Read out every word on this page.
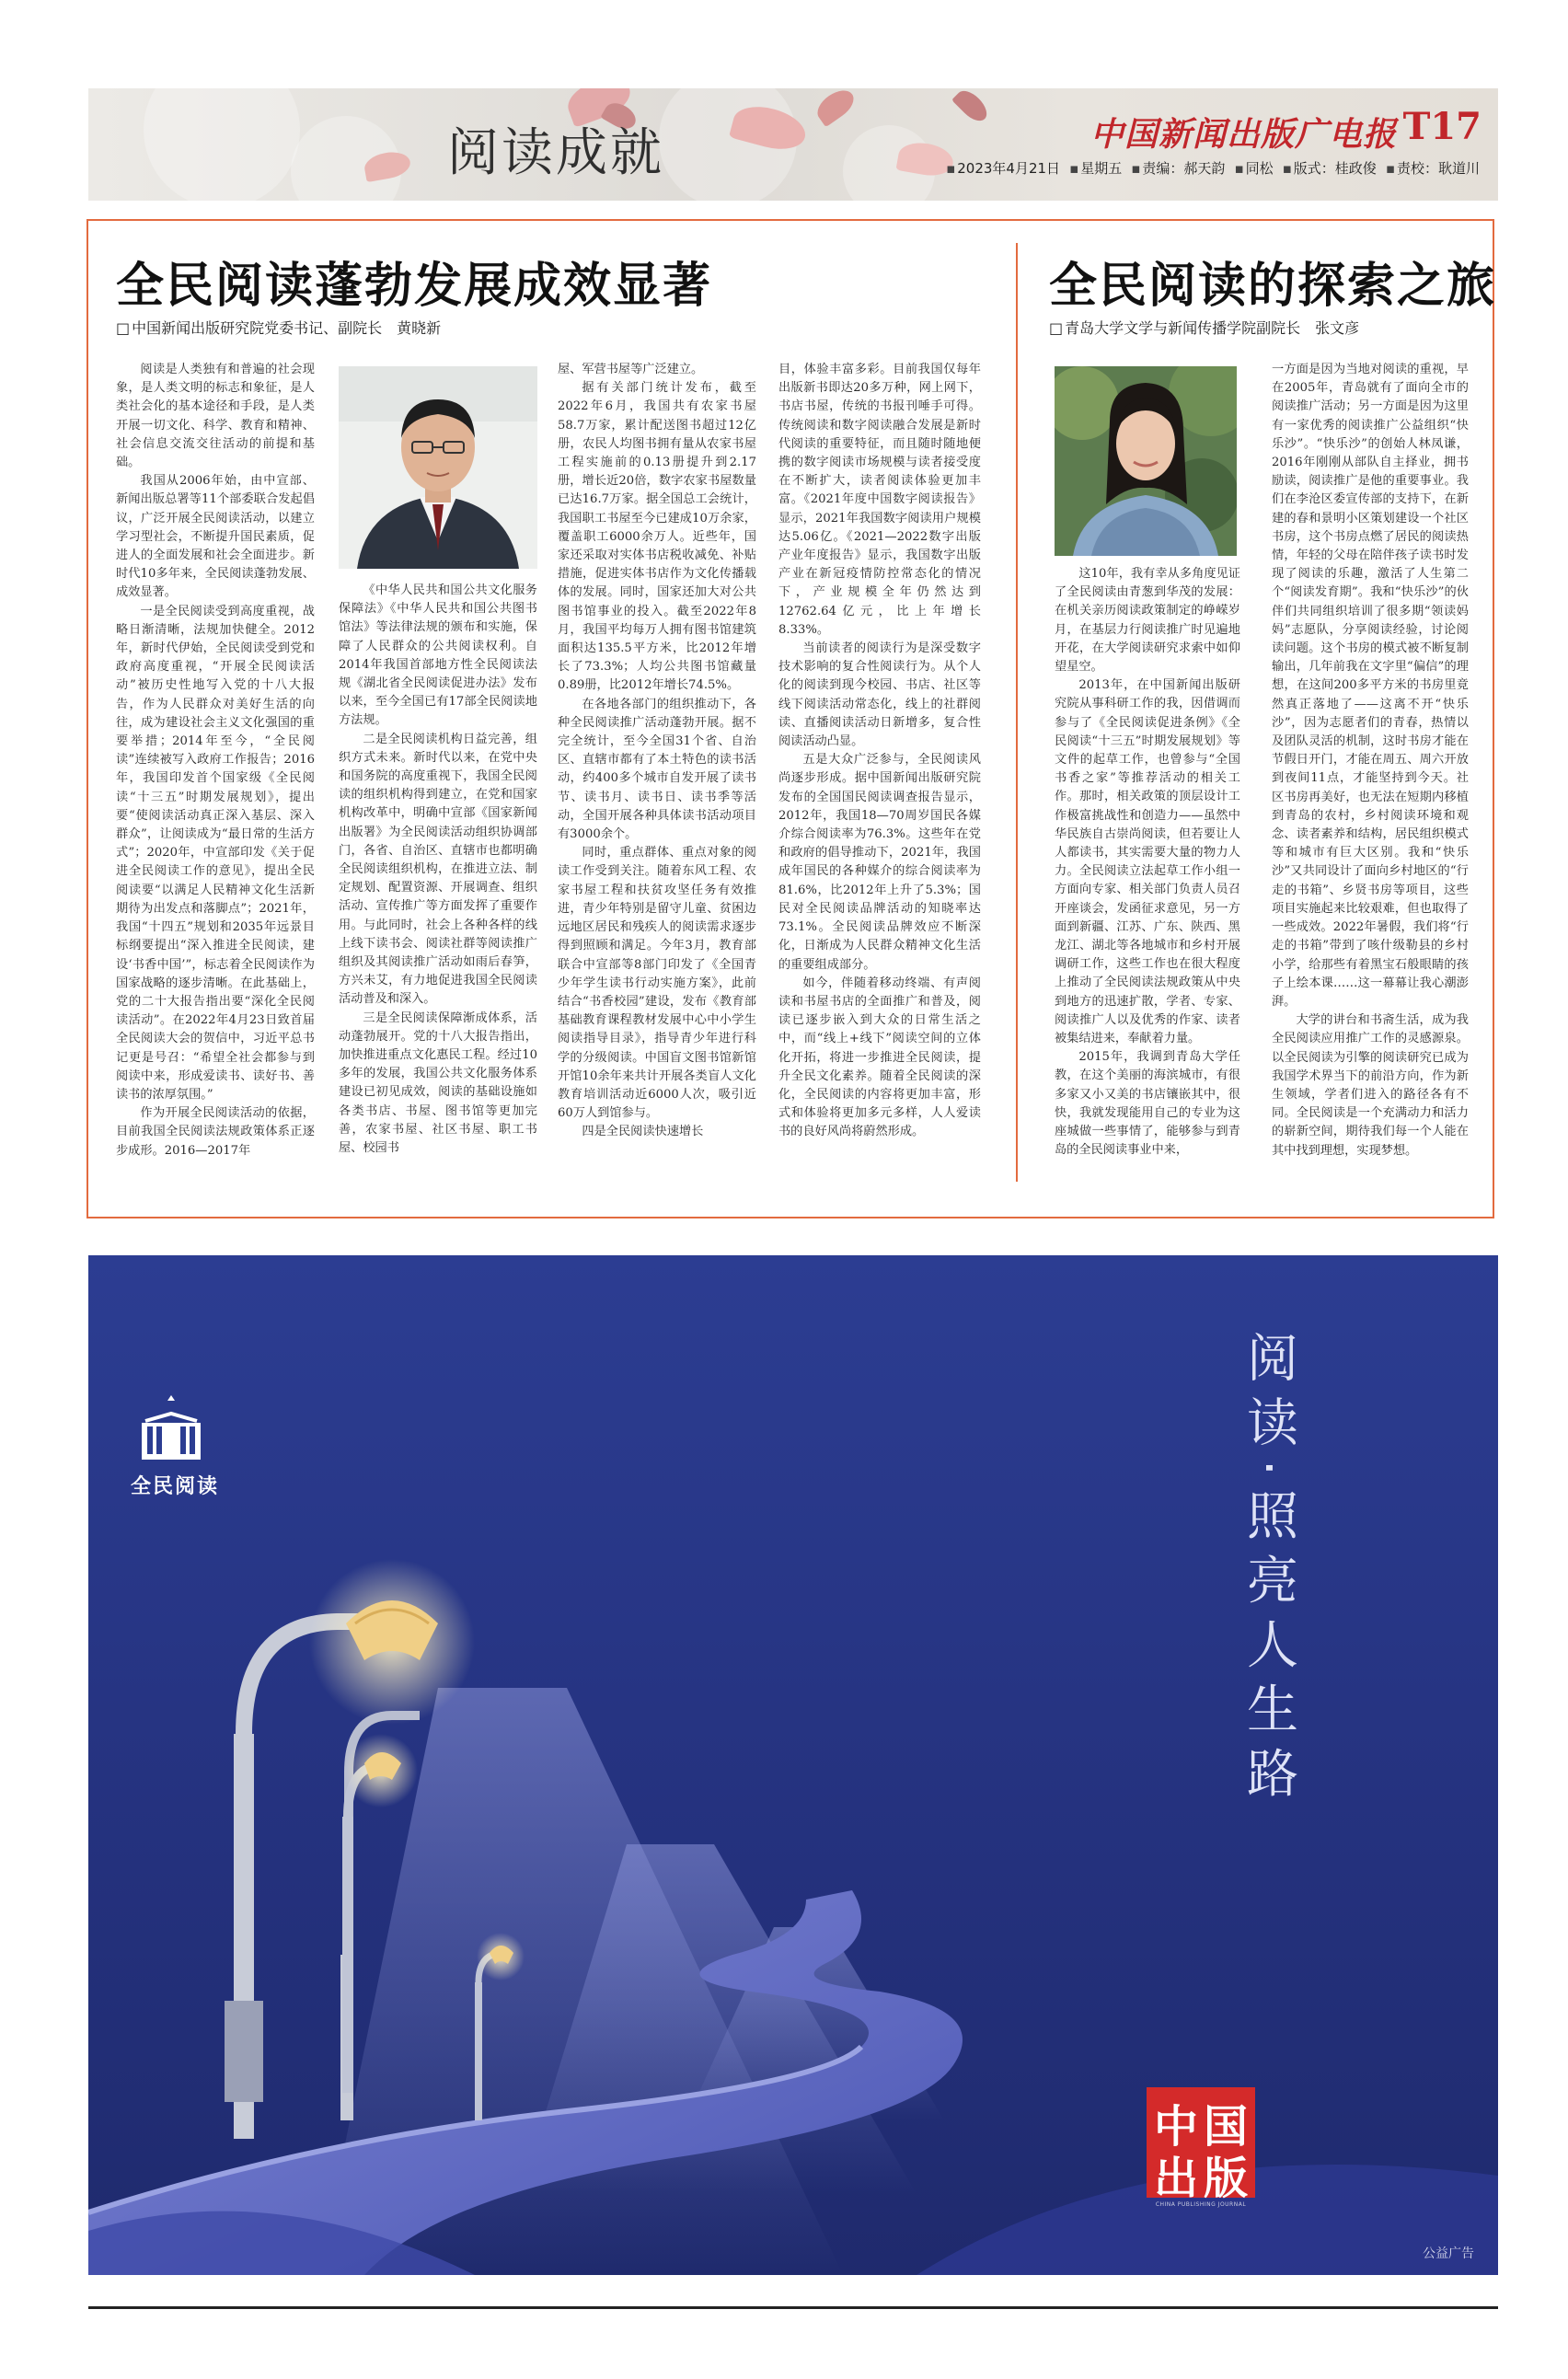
阅读成就	中国新闻出版广电报 T17
▪ 2023年4月21日	▪ 星期五	▪ 责编：郝天韵	▪ 同松	▪ 版式：桂政俊	▪ 责校：耿道川
全民阅读蓬勃发展成效显著
□ 中国新闻出版研究院党委书记、副院长　黄晓新

阅读是人类独有和普遍的社会现象，是人类文明的标志和象征，是人类社会化的基本途径和手段，是人类开展一切文化、科学、教育和精神、社会信息交流交往活动的前提和基础。

我国从2006年始，由中宣部、新闻出版总署等11个部委联合发起倡议，广泛开展全民阅读活动，以建立学习型社会，不断提升国民素质，促进人的全面发展和社会全面进步。新时代10多年来，全民阅读蓬勃发展、成效显著。

一是全民阅读受到高度重视，战略日渐清晰，法规加快健全。2012年，新时代伊始，全民阅读受到党和政府高度重视，“开展全民阅读活动”被历史性地写入党的十八大报告，作为人民群众对美好生活的向往，成为建设社会主义文化强国的重要举措；2014年至今，“全民阅读”连续被写入政府工作报告；2016年，我国印发首个国家级《全民阅读“十三五”时期发展规划》，提出要“使阅读活动真正深入基层、深入群众”，让阅读成为“最日常的生活方式”；2020年，中宣部印发《关于促进全民阅读工作的意见》，提出全民阅读要“以满足人民精神文化生活新期待为出发点和落脚点”；2021年，我国“十四五”规划和2035年远景目标纲要提出“深入推进全民阅读，建设‘书香中国’”，标志着全民阅读作为国家战略的逐步清晰。在此基础上，党的二十大报告指出要“深化全民阅读活动”。在2022年4月23日致首届全民阅读大会的贺信中，习近平总书记更是号召：“希望全社会都参与到阅读中来，形成爱读书、读好书、善读书的浓厚氛围。”

作为开展全民阅读活动的依据，目前我国全民阅读法规政策体系正逐步成形。2016—2017年

《中华人民共和国公共文化服务保障法》《中华人民共和国公共图书馆法》等法律法规的颁布和实施，保障了人民群众的公共阅读权利。自2014年我国首部地方性全民阅读法规《湖北省全民阅读促进办法》发布以来，至今全国已有17部全民阅读地方法规。

二是全民阅读机构日益完善，组织方式未来。新时代以来，在党中央和国务院的高度重视下，我国全民阅读的组织机构得到建立，在党和国家机构改革中，明确中宣部《国家新闻出版署》为全民阅读活动组织协调部门，各省、自治区、直辖市也都明确全民阅读组织机构，在推进立法、制定规划、配置资源、开展调查、组织活动、宣传推广等方面发挥了重要作用。与此同时，社会上各种各样的线上线下读书会、阅读社群等阅读推广组织及其阅读推广活动如雨后春笋，方兴未艾，有力地促进我国全民阅读活动普及和深入。

三是全民阅读保障渐成体系，活动蓬勃展开。党的十八大报告指出，加快推进重点文化惠民工程。经过10多年的发展，我国公共文化服务体系建设已初见成效，阅读的基础设施如各类书店、书屋、图书馆等更加完善，农家书屋、社区书屋、职工书屋、校园书

屋、军营书屋等广泛建立。

据有关部门统计发布，截至2022年6月，我国共有农家书屋58.7万家，累计配送图书超过12亿册，农民人均图书拥有量从农家书屋工程实施前的0.13册提升到2.17册，增长近20倍，数字农家书屋数量已达16.7万家。据全国总工会统计，我国职工书屋至今已建成10万余家，覆盖职工6000余万人。近些年，国家还采取对实体书店税收减免、补贴措施，促进实体书店作为文化传播载体的发展。同时，国家还加大对公共图书馆事业的投入。截至2022年8月，我国平均每万人拥有图书馆建筑面积达135.5平方米，比2012年增长了73.3%；人均公共图书馆藏量0.89册，比2012年增长74.5%。

在各地各部门的组织推动下，各种全民阅读推广活动蓬勃开展。据不完全统计，至今全国31个省、自治区、直辖市都有了本土特色的读书活动，约400多个城市自发开展了读书节、读书月、读书日、读书季等活动，全国开展各种具体读书活动项目有3000余个。

同时，重点群体、重点对象的阅读工作受到关注。随着东风工程、农家书屋工程和扶贫攻坚任务有效推进，青少年特别是留守儿童、贫困边远地区居民和残疾人的阅读需求逐步得到照顾和满足。今年3月，教育部联合中宣部等8部门印发了《全国青少年学生读书行动实施方案》，此前结合“书香校园”建设，发布《教育部基础教育课程教材发展中心中小学生阅读指导目录》，指导青少年进行科学的分级阅读。中国盲文图书馆新馆开馆10余年来共计开展各类盲人文化教育培训活动近6000人次，吸引近60万人到馆参与。

四是全民阅读快速增长

目，体验丰富多彩。目前我国仅每年出版新书即达20多万种，网上网下，书店书屋，传统的书报刊唾手可得。传统阅读和数字阅读融合发展是新时代阅读的重要特征，而且随时随地便携的数字阅读市场规模与读者接受度在不断扩大，读者阅读体验更加丰富。《2021年度中国数字阅读报告》显示，2021年我国数字阅读用户规模达5.06亿。《2021—2022数字出版产业年度报告》显示，我国数字出版产业在新冠疫情防控常态化的情况下，产业规模全年仍然达到12762.64亿元，比上年增长8.33%。

当前读者的阅读行为是深受数字技术影响的复合性阅读行为。从个人化的阅读到现今校园、书店、社区等线下阅读活动常态化，线上的社群阅读、直播阅读活动日新增多，复合性阅读活动凸显。

五是大众广泛参与，全民阅读风尚逐步形成。据中国新闻出版研究院发布的全国国民阅读调查报告显示，2012年，我国18—70周岁国民各媒介综合阅读率为76.3%。这些年在党和政府的倡导推动下，2021年，我国成年国民的各种媒介的综合阅读率为81.6%，比2012年上升了5.3%；国民对全民阅读品牌活动的知晓率达73.1%。全民阅读品牌效应不断深化，日渐成为人民群众精神文化生活的重要组成部分。

如今，伴随着移动终端、有声阅读和书屋书店的全面推广和普及，阅读已逐步嵌入到大众的日常生活之中，而“线上+线下”阅读空间的立体化开拓，将进一步推进全民阅读，提升全民文化素养。随着全民阅读的深化，全民阅读的内容将更加丰富，形式和体验将更加多元多样，人人爱读书的良好风尚将蔚然形成。

全民阅读的探索之旅
□ 青岛大学文学与新闻传播学院副院长　张文彦

这10年，我有幸从多角度见证了全民阅读由青葱到华茂的发展：在机关亲历阅读政策制定的峥嵘岁月，在基层力行阅读推广时见遍地开花，在大学阅读研究求索中如仰望星空。

2013年，在中国新闻出版研究院从事科研工作的我，因借调而参与了《全民阅读促进条例》《全民阅读“十三五”时期发展规划》等文件的起草工作，也曾参与“全国书香之家”等推荐活动的相关工作。那时，相关政策的顶层设计工作极富挑战性和创造力——虽然中华民族自古崇尚阅读，但若要让人人都读书，其实需要大量的物力人力。全民阅读立法起草工作小组一方面向专家、相关部门负责人员召开座谈会，发函征求意见，另一方面到新疆、江苏、广东、陕西、黑龙江、湖北等各地城市和乡村开展调研工作，这些工作也在很大程度上推动了全民阅读法规政策从中央到地方的迅速扩散，学者、专家、阅读推广人以及优秀的作家、读者被集结进来，奉献着力量。

2015年，我调到青岛大学任教，在这个美丽的海滨城市，有很多家又小又美的书店镶嵌其中，很快，我就发现能用自己的专业为这座城做一些事情了，能够参与到青岛的全民阅读事业中来，

一方面是因为当地对阅读的重视，早在2005年，青岛就有了面向全市的阅读推广活动；另一方面是因为这里有一家优秀的阅读推广公益组织“快乐沙”。“快乐沙”的创始人林凤谦，2016年刚刚从部队自主择业，拥书励读，阅读推广是他的重要事业。我们在李沧区委宣传部的支持下，在新建的春和景明小区策划建设一个社区书房，这个书房点燃了居民的阅读热情，年轻的父母在陪伴孩子读书时发现了阅读的乐趣，激活了人生第二个“阅读发育期”。我和“快乐沙”的伙伴们共同组织培训了很多期“领读妈妈”志愿队，分享阅读经验，讨论阅读问题。这个书房的模式被不断复制输出，几年前我在文字里“偏信”的理想，在这间200多平方米的书房里竟然真正落地了——这离不开“快乐沙”，因为志愿者们的青春，热情以及团队灵活的机制，这时书房才能在节假日开门，才能在周五、周六开放到夜间11点，才能坚持到今天。社区书房再美好，也无法在短期内移植到青岛的农村，乡村阅读环境和观念、读者素养和结构，居民组织模式等和城市有巨大区别。我和“快乐沙”又共同设计了面向乡村地区的“行走的书箱”、乡贤书房等项目，这些项目实施起来比较艰难，但也取得了一些成效。2022年暑假，我们将“行走的书箱”带到了咳什级勒县的乡村小学，给那些有着黑宝石般眼睛的孩子上绘本课……这一幕幕让我心潮澎湃。

大学的讲台和书斋生活，成为我全民阅读应用推广工作的灵感源泉。以全民阅读为引擎的阅读研究已成为我国学术界当下的前沿方向，作为新生领域，学者们进入的路径各有不同。全民阅读是一个充满动力和活力的崭新空间，期待我们每一个人能在其中找到理想，实现梦想。

全民阅读	阅读·照亮人生路
中 国
出 版
CHINA PUBLISHING JOURNAL
公益广告
